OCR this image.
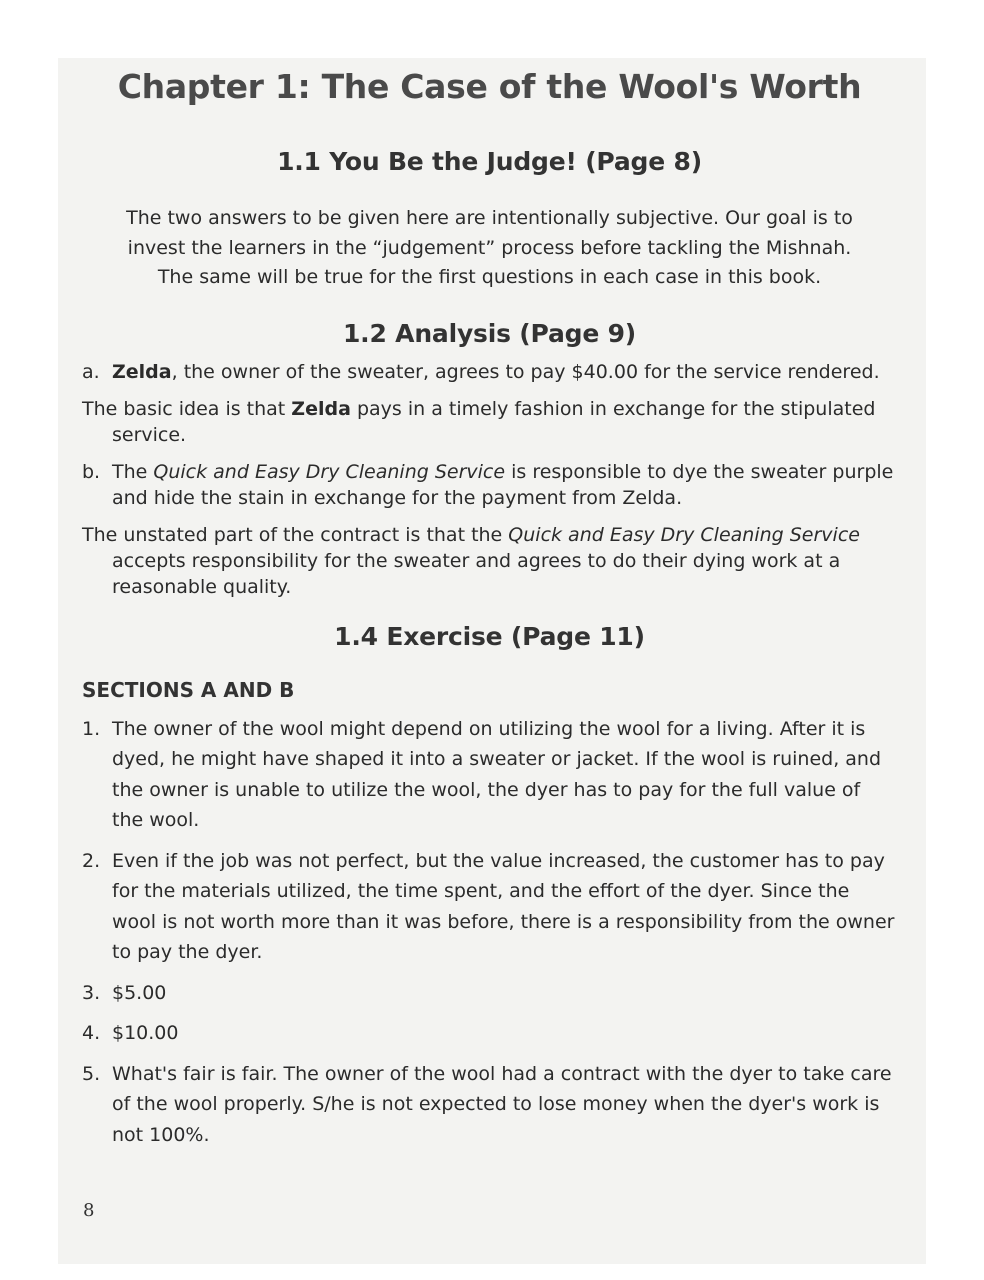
Chapter 1: The Case of the Wool's Worth
1.1 You Be the Judge! (Page 8)

The two answers to be given here are intentionally subjective. Our goal is to

invest the learners in the “judgement” process before tackling the Mishnah.

The same will be true for the first questions in each case in this book.

1.2 Analysis (Page 9)

a. Zelda, the owner of the sweater, agrees to pay $40.00 for the service rendered.

The basic idea is that Zelda pays in a timely fashion in exchange for the stipulated service.

b. The Quick and Easy Dry Cleaning Service is responsible to dye the sweater purple and hide the stain in exchange for the payment from Zelda.

The unstated part of the contract is that the Quick and Easy Dry Cleaning Service accepts responsibility for the sweater and agrees to do their dying work at a reasonable quality.

1.4 Exercise (Page 11)

SECTIONS A AND B

1. The owner of the wool might depend on utilizing the wool for a living. After it is dyed, he might have shaped it into a sweater or jacket. If the wool is ruined, and the owner is unable to utilize the wool, the dyer has to pay for the full value of the wool.
2. Even if the job was not perfect, but the value increased, the customer has to pay for the materials utilized, the time spent, and the effort of the dyer. Since the wool is not worth more than it was before, there is a responsibility from the owner to pay the dyer.
3. $5.00
4. $10.00
5. What's fair is fair. The owner of the wool had a contract with the dyer to take care of the wool properly. S/he is not expected to lose money when the dyer's work is not 100%.
8
